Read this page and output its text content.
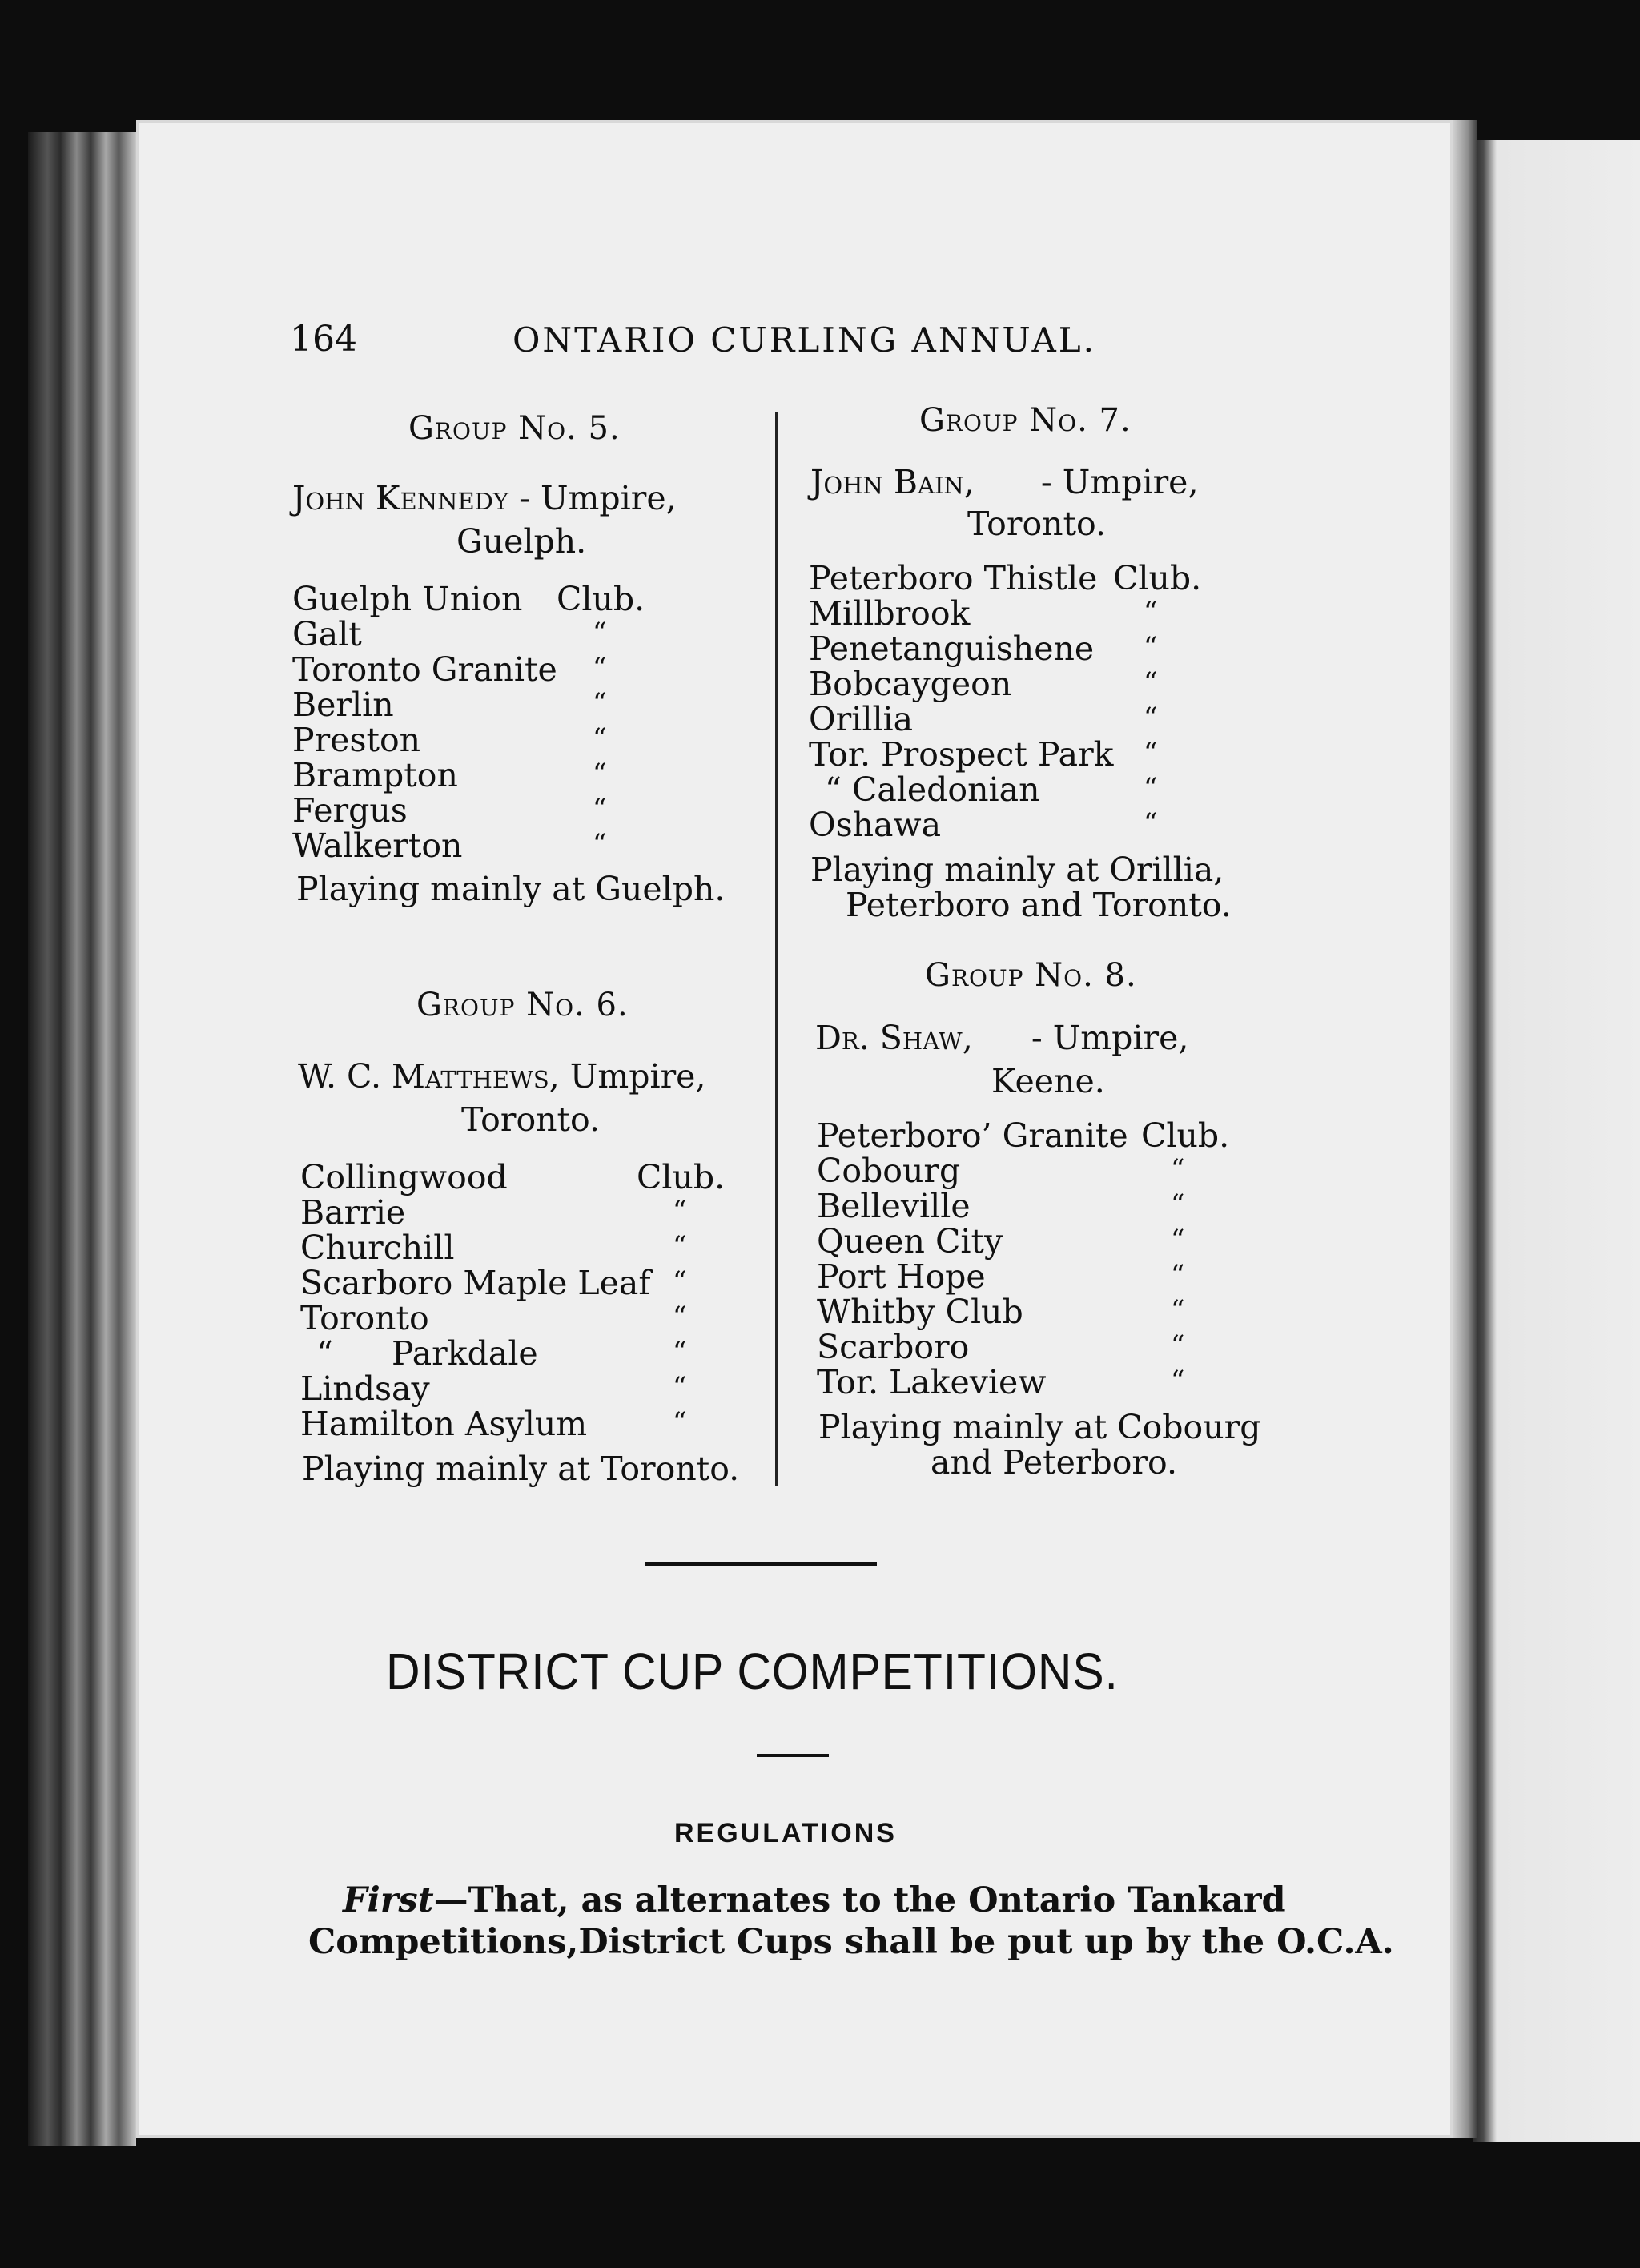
164	ONTARIO CURLING ANNUAL.
Group No. 5.
John Kennedy - Umpire,
Guelph.
Guelph Union Club.
Galt
Toronto Granite
Berlin
Preston
Brampton
Fergus
Walkerton
“
“
“
“
“
“
“
Playing mainly at Guelph.
Group No. 6.
W. C. Matthews, Umpire,
Toronto.
Collingwood	Club.
Barrie
Churchill
Scarboro Maple Leaf
Toronto
“ Parkdale
Lindsay
Hamilton Asylum
“
“
“
“
“
“
“
Playing mainly at Toronto.
Group No. 7.
John Bain, - Umpire,
Toronto.
Peterboro Thistle Club.
Millbrook
Penetanguishene
Bobcaygeon
Orillia
Tor. Prospect Park
“ Caledonian
Oshawa
“
“
“
“
“
“
“
Playing mainly at Orillia,
Peterboro and Toronto.
Group No. 8.
Dr. Shaw, - Umpire,
Keene.
Peterboro’ Granite Club.
Cobourg
Belleville
Queen City
Port Hope
Whitby Club
Scarboro
Tor. Lakeview
“
“
“
“
“
“
“
Playing mainly at Cobourg
and Peterboro.
DISTRICT CUP COMPETITIONS.
REGULATIONS
First—That, as alternates to the Ontario Tankard
Competitions,District Cups shall be put up by the O.C.A.
